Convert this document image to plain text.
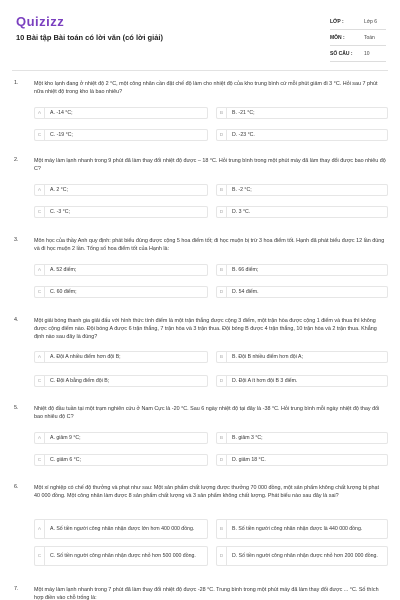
Quizizz
10 Bài tập Bài toán có lời văn (có lời giải)
LỚP :	Lớp 6
MÔN :	Toán
SỐ CÂU : 10
1.	Một kho lạnh đang ở nhiệt độ 2 °C, một công nhân cần đặt chế độ làm cho nhiệt độ của kho trung bình cứ mỗi phút giảm đi 3 °C. Hỏi sau 7 phút nữa nhiệt độ trong kho là bao nhiêu?
A	A. -14 °C;	B	B. -21 °C;
C	C. -19 °C;	D	D. -23 °C.
2.	Một máy làm lạnh nhanh trong 9 phút đã làm thay đổi nhiệt độ được – 18 °C. Hỏi trung bình trong một phút máy đã làm thay đổi được bao nhiêu độ C?
A	A. 2 °C;	B	B. -2 °C;
C	C. -3 °C;	D	D. 3 °C.
3.	Môn học của thầy Anh quy định: phát biểu đúng được cộng 5 hoa điểm tốt; đi học muộn bị trừ 3 hoa điểm tốt. Hạnh đã phát biểu được 12 lần đúng và đi học muộn 2 lần. Tổng số hoa điểm tốt của Hạnh là:
A	A. 52 điểm;	B	B. 66 điểm;
C	C. 60 điểm;	D	D. 54 điểm.
4.	Một giải bóng thanh gia giải đấu với hình thức tính điểm là một trận thắng được cộng 3 điểm, một trận hòa được cộng 1 điểm và thua thì không được cộng điểm nào. Đội bóng A được 6 trận thắng, 7 trận hòa và 3 trận thua. Đội bóng B được 4 trận thắng, 10 trận hòa và 2 trận thua. Khẳng định nào sau đây là đúng?
A	A. Đội A nhiều điểm hơn đội B;	B	B. Đội B nhiều điểm hơn đội A;
C	C. Đội A bằng điểm đội B;	D	D. Đội A ít hơn đội B 3 điểm.
5.	Nhiệt độ đầu tuần tại một trạm nghiên cứu ở Nam Cực là -20 °C. Sau 6 ngày nhiệt độ tại đây là -38 °C. Hỏi trung bình mỗi ngày nhiệt độ thay đổi bao nhiêu độ C?
A	A. giảm 9 °C;	B	B. giảm 3 °C;
C	C. giảm 6 °C;	D	D. giảm 18 °C.
6.	Một xí nghiệp có chế độ thưởng và phạt như sau: Một sản phẩm chất lượng được thưởng 70 000 đồng, một sản phẩm không chất lượng bị phạt 40 000 đồng. Một công nhân làm được 8 sản phẩm chất lượng và 3 sản phẩm không chất lượng. Phát biểu nào sau đây là sai?
A	A. Số tiền người công nhân nhận được lớn hơn 400 000 đồng.	B	B. Số tiền người công nhân nhận được là 440 000 đồng.
C	C. Số tiền người công nhân nhận được nhỏ hơn 500 000 đồng.	D	D. Số tiền người công nhân nhận được nhỏ hơn 200 000 đồng.
7.	Một máy làm lạnh nhanh trong 7 phút đã làm thay đổi nhiệt độ được -28 °C. Trung bình trong một phút máy đã làm thay đổi được ... °C. Số thích hợp điền vào chỗ trống là:
